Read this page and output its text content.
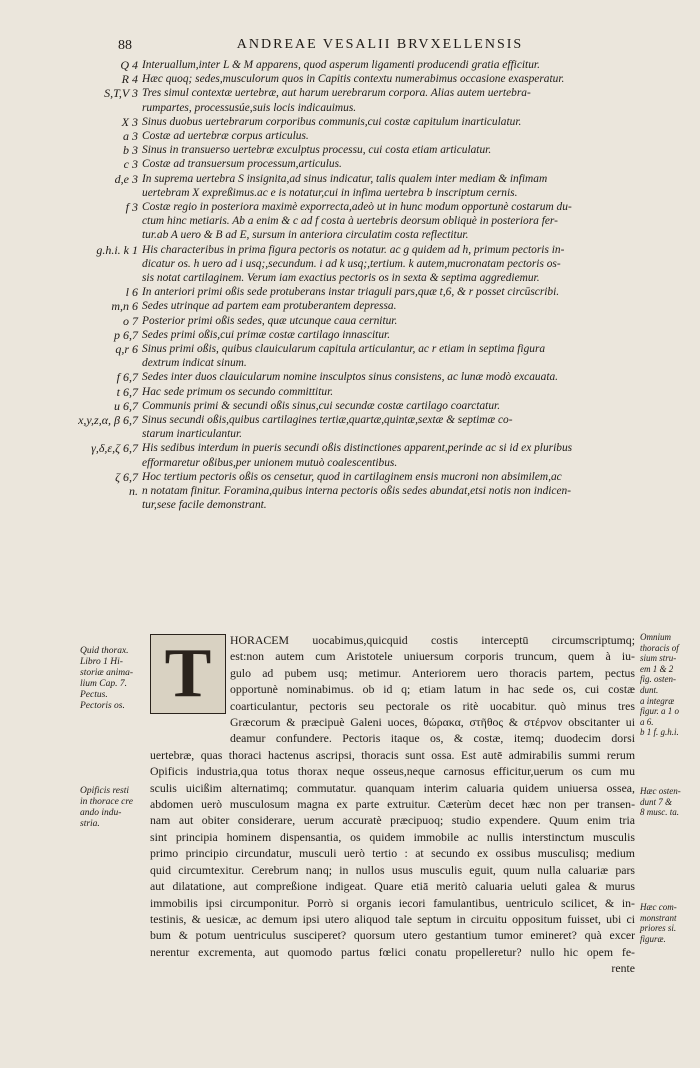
88	ANDREAE VESALII BRVXELLENSIS
Q 4 Interuallum,inter L & M apparens, quod asperum ligamenti producendi gratia efficitur.
R 4 Hæc quoq; sedes,musculorum quos in Capitis contextu numerabimus occasione exasperatur.
S,T,V 3 Tres simul contextæ uertebræ, aut harum uerebrarum corpora. Alias autem uertebra-
rumpartes, processusúe,suis locis indicauimus.
X 3 Sinus duobus uertebrarum corporibus communis,cui costæ capitulum inarticulatur.
a 3 Costæ ad uertebræ corpus articulus.
b 3 Sinus in transuerso uertebræ exculptus processu, cui costa etiam articulatur.
c 3 Costæ ad transuersum processum,articulus.
d,e 3 In suprema uertebra S insignita,ad sinus indicatur, talis qualem inter mediam & infimam
uertebram X expreßimus.ac e is notatur,cui in infima uertebra b inscriptum cernis.
f 3 Costæ regio in posteriora maximè exporrecta,adeò ut in hunc modum opportunè costarum du-
ctum hinc metiaris. Ab a enim & c ad f costa à uertebris deorsum obliquè in posteriora fer-
tur.ab A uero & B ad E, sursum in anteriora circulatim costa reflectitur.
g.h.i. k 1 His characteribus in prima figura pectoris os notatur. ac g quidem ad h, primum pectoris in-
dicatur os. h uero ad i usq;,secundum. i ad k usq;,tertium. k autem,mucronatam pectoris os-
sis notat cartilaginem. Verum iam exactius pectoris os in sexta & septima aggrediemur.
l 6 In anteriori primi oßis sede protuberans instar triaguli pars,quæ t,6, & r posset circūscribi.
m,n 6 Sedes utrinque ad partem eam protuberantem depressa.
o 7 Posterior primi oßis sedes, quæ utcunque caua cernitur.
p 6,7 Sedes primi oßis,cui primæ costæ cartilago innascitur.
q,r 6 Sinus primi oßis, quibus clauicularum capitula articulantur, ac r etiam in septima figura
dextrum indicat sinum.
f 6,7 Sedes inter duos clauicularum nomine insculptos sinus consistens, ac lunæ modò excauata.
t 6,7 Hac sede primum os secundo committitur.
u 6,7 Communis primi & secundi oßis sinus,cui secundæ costæ cartilago coarctatur.
x,y,z,α, β 6,7 Sinus secundi oßis,quibus cartilagines tertiæ,quartæ,quintæ,sextæ & septimæ co-
starum inarticulantur.
γ,δ,ε,ζ 6,7 His sedibus interdum in pueris secundi oßis distinctiones apparent,perinde ac si id ex pluribus
efformaretur oßibus,per unionem mutuò coalescentibus.
ζ 6,7 Hoc tertium pectoris oßis os censetur, quod in cartilaginem ensis mucroni non absimilem,ac
n. n notatam finitur. Foramina,quibus interna pectoris oßis sedes abundat,etsi notis non indicen-
tur,sese facile demonstrant.
Quid thorax.
Libro 1 Hi-
storiæ anima-
lium Cap. 7.
Pectus.
Pectoris os.
Opificis resti
in thorace cre
ando indu-
stria.
Omnium
thoracis of
sium stru-
em 1 & 2
fig. osten-
dunt.
a integræ
figur. a 1 o
a 6.
b 1 f. g.h.i.
Hæc osten-
dunt 7 &
8 musc. ta.
Hæc com-
monstrant
priores si.
figuræ.
T HORACEM uocabimus,quicquid costis interceptū circumscriptumq;
est:non autem cum Aristotele uniuersum corporis truncum, quem à iu-
gulo ad pubem usq; metimur. Anteriorem uero thoracis partem, pectus
opportunè nominabimus. ob id q; etiam latum in hac sede os, cui costæ
coarticulantur, pectoris seu pectorale os ritè uocabitur. quò minus tres
Græcorum & præcipuè Galeni uoces, θώρακα, στῆθος & στέρνον obscitanter ui
deamur confundere. Pectoris itaque os, & costæ, itemq; duodecim dorsi
uertebræ, quas thoraci hactenus ascripsi, thoracis sunt ossa. Est autē admirabilis summi rerum
Opificis industria,qua totus thorax neque osseus,neque carnosus efficitur,uerum os cum mu
sculis uicißim alternatimq; commutatur. quanquam interim caluaria quidem uniuersa ossea,
abdomen uerò musculosum magna ex parte extruitur. Cæterùm decet hæc non per transen-
nam aut obiter considerare, uerum accuratè præcipuoq; studio expendere. Quum enim tria
sint principia hominem dispensantia, os quidem immobile ac nullis interstinctum musculis
primo principio circundatur, musculi uerò tertio : at secundo ex ossibus musculisq; medium
quid circumtexitur. Cerebrum nanq; in nullos usus musculis eguit, quum nulla caluariæ pars
aut dilatatione, aut compreßione indigeat. Quare etiā meritò caluaria ueluti galea & murus
immobilis ipsi circumponitur. Porrò si organis iecori famulantibus, uentriculo scilicet, & in-
testinis, & uesicæ, ac demum ipsi utero aliquod tale septum in circuitu oppositum fuisset, ubi ci
bum & potum uentriculus susciperet? quorsum utero gestantium tumor emineret? quà excer
nerentur excrementa, aut quomodo partus fœlici conatu propelleretur? nullo hic opem fe-
rente
